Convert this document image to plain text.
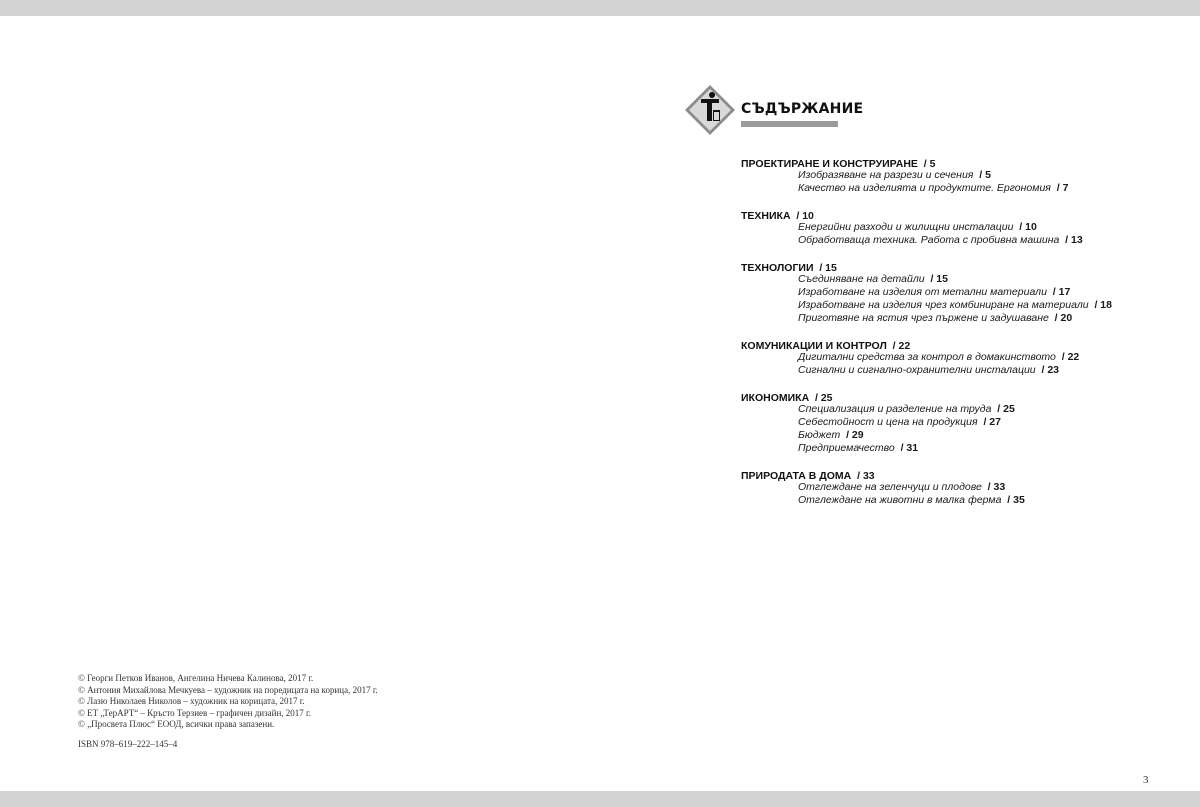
СЪДЪРЖАНИЕ
ПРОЕКТИРАНЕ И КОНСТРУИРАНЕ  / 5
Изобразяване на разрези и сечения  / 5
Качество на изделията и продуктите. Ергономия  / 7
ТЕХНИКА  / 10
Енергийни разходи и жилищни инсталации  / 10
Обработваща техника. Работа с пробивна машина  / 13
ТЕХНОЛОГИИ  / 15
Съединяване на детайли  / 15
Изработване на изделия от метални материали  / 17
Изработване на изделия чрез комбиниране на материали  / 18
Приготвяне на ястия чрез пържене и задушаване  / 20
КОМУНИКАЦИИ И КОНТРОЛ  / 22
Дигитални средства за контрол в домакинството  / 22
Сигнални и сигнално-охранителни инсталации  / 23
ИКОНОМИКА  / 25
Специализация и разделение на труда  / 25
Себестойност и цена на продукция  / 27
Бюджет  / 29
Предприемачество  / 31
ПРИРОДАТА В ДОМА  / 33
Отглеждане на зеленчуци и плодове  / 33
Отглеждане на животни в малка ферма  / 35
© Георги Петков Иванов, Ангелина Ничева Калинова, 2017 г.
© Антония Михайлова Мечкуева – художник на поредицата на корица, 2017 г.
© Лазю Николаев Николов – художник на корицата, 2017 г.
© ЕТ „ТерАРТ“ – Кръсто Терзиев – графичен дизайн, 2017 г.
© „Просвета Плюс“ ЕООД, всички права запазени.
ISBN 978–619–222–145–4
3
